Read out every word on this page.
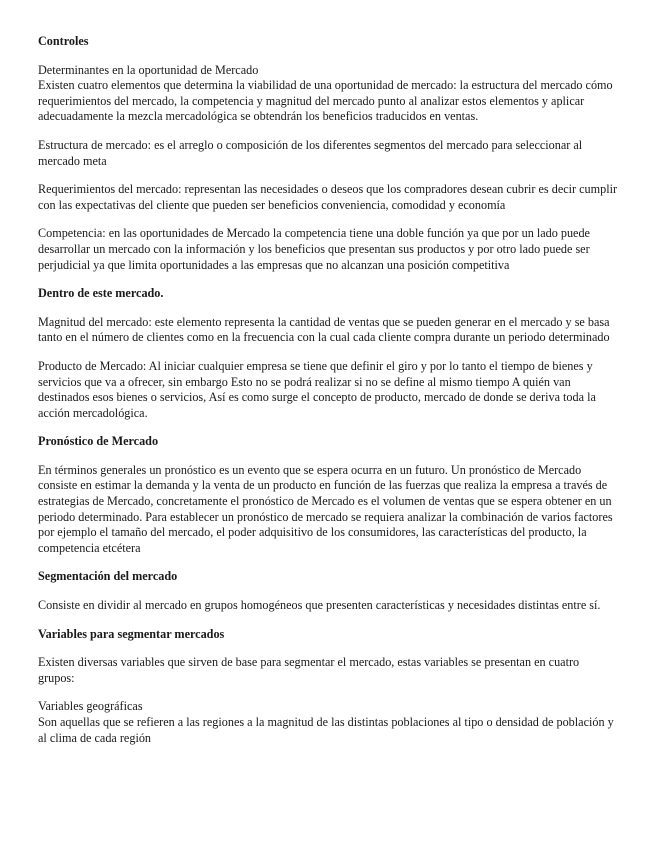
Controles

Determinantes en la oportunidad de Mercado
Existen cuatro elementos que determina la viabilidad de una oportunidad de mercado: la estructura del mercado cómo requerimientos del mercado, la competencia y magnitud del mercado punto al analizar estos elementos y aplicar adecuadamente la mezcla mercadológica se obtendrán los beneficios traducidos en ventas.

Estructura de mercado: es el arreglo o composición de los diferentes segmentos del mercado para seleccionar al mercado meta

Requerimientos del mercado: representan las necesidades o deseos que los compradores desean cubrir es decir cumplir con las expectativas del cliente que pueden ser beneficios conveniencia, comodidad y economía

Competencia: en las oportunidades de Mercado la competencia tiene una doble función ya que por un lado puede desarrollar un mercado con la información y los beneficios que presentan sus productos y por otro lado puede ser perjudicial ya que limita oportunidades a las empresas que no alcanzan una posición competitiva

Dentro de este mercado.

Magnitud del mercado: este elemento representa la cantidad de ventas que se pueden generar en el mercado y se basa tanto en el número de clientes como en la frecuencia con la cual cada cliente compra durante un periodo determinado

Producto de Mercado: Al iniciar cualquier empresa se tiene que definir el giro y por lo tanto el tiempo de bienes y servicios que va a ofrecer, sin embargo Esto no se podrá realizar si no se define al mismo tiempo A quién van destinados esos bienes o servicios, Así es como surge el concepto de producto, mercado de donde se deriva toda la acción mercadológica.

Pronóstico de Mercado

En términos generales un pronóstico es un evento que se espera ocurra en un futuro. Un pronóstico de Mercado consiste en estimar la demanda y la venta de un producto en función de las fuerzas que realiza la empresa a través de estrategias de Mercado, concretamente el pronóstico de Mercado es el volumen de ventas que se espera obtener en un periodo determinado. Para establecer un pronóstico de mercado se requiera analizar la combinación de varios factores por ejemplo el tamaño del mercado, el poder adquisitivo de los consumidores, las características del producto, la competencia etcétera

Segmentación del mercado

Consiste en dividir al mercado en grupos homogéneos que presenten características y necesidades distintas entre sí.

Variables para segmentar mercados

Existen diversas variables que sirven de base para segmentar el mercado, estas variables se presentan en cuatro grupos:

Variables geográficas
Son aquellas que se refieren a las regiones a la magnitud de las distintas poblaciones al tipo o densidad de población y al clima de cada región
